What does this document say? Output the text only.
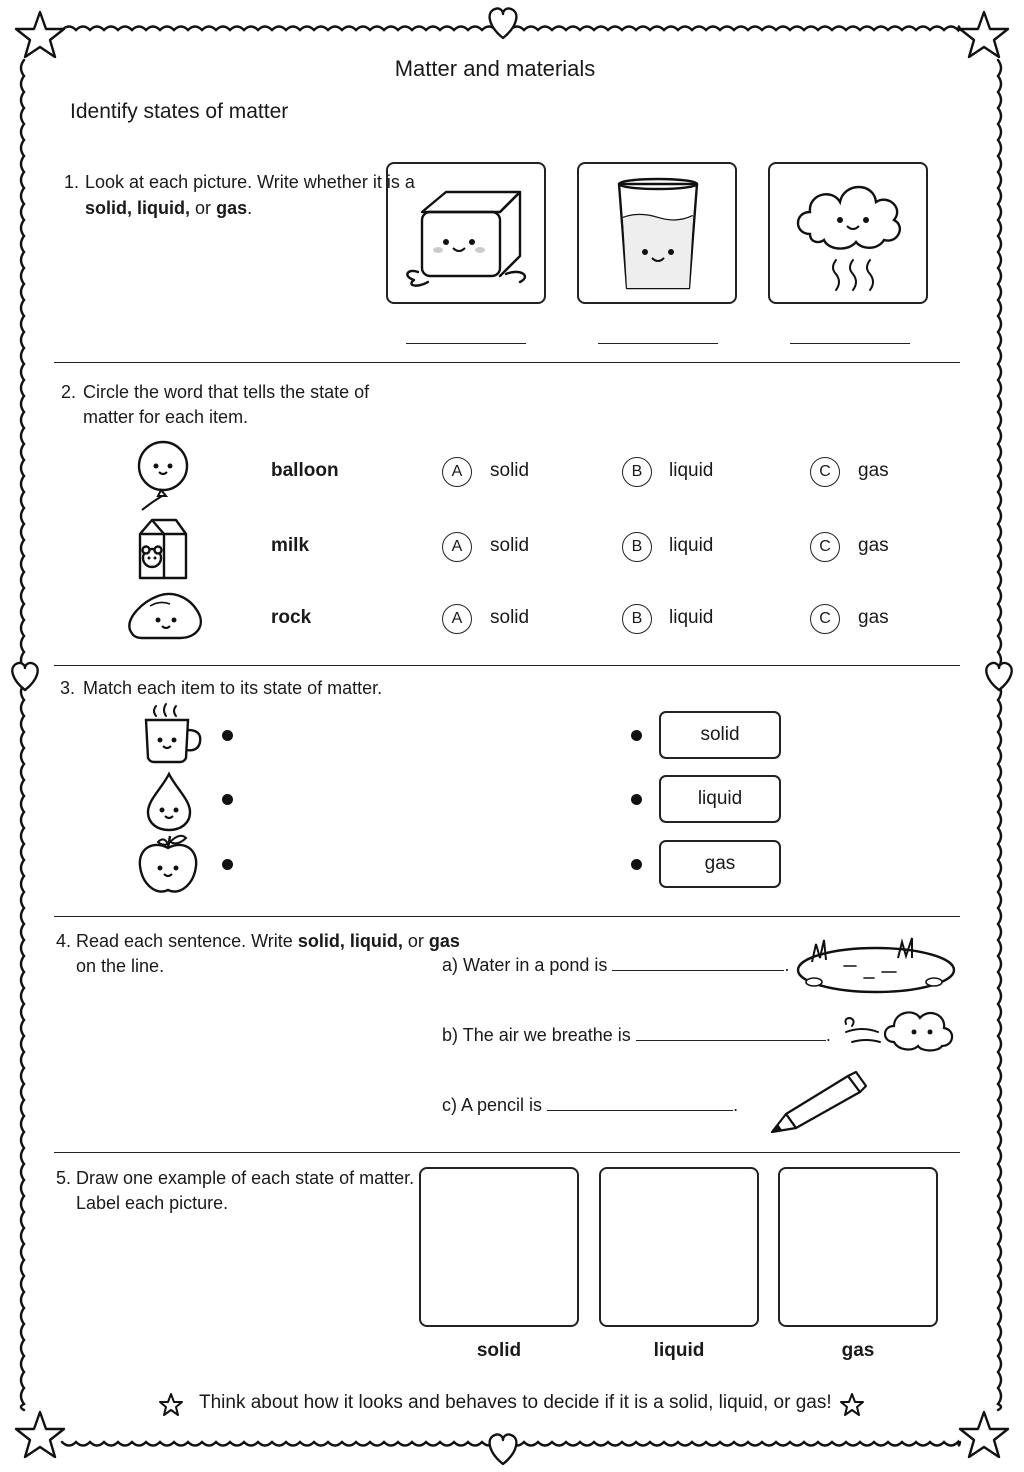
Matter and materials
Identify states of matter
1. Look at each picture. Write whether it is a
solid, liquid, or gas.
2. Circle the word that tells the state of
matter for each item.
balloon	A	solid	B	liquid	C	gas
milk	A	solid	B	liquid	C	gas
rock	A	solid	B	liquid	C	gas
3. Match each item to its state of matter.
solid
liquid
gas
4. Read each sentence. Write solid, liquid, or gas
on the line.	a) Water in a pond is	.
b) The air we breathe is	.
c) A pencil is	.
5. Draw one example of each state of matter.
Label each picture.
solid	liquid	gas
Think about how it looks and behaves to decide if it is a solid, liquid, or gas!
